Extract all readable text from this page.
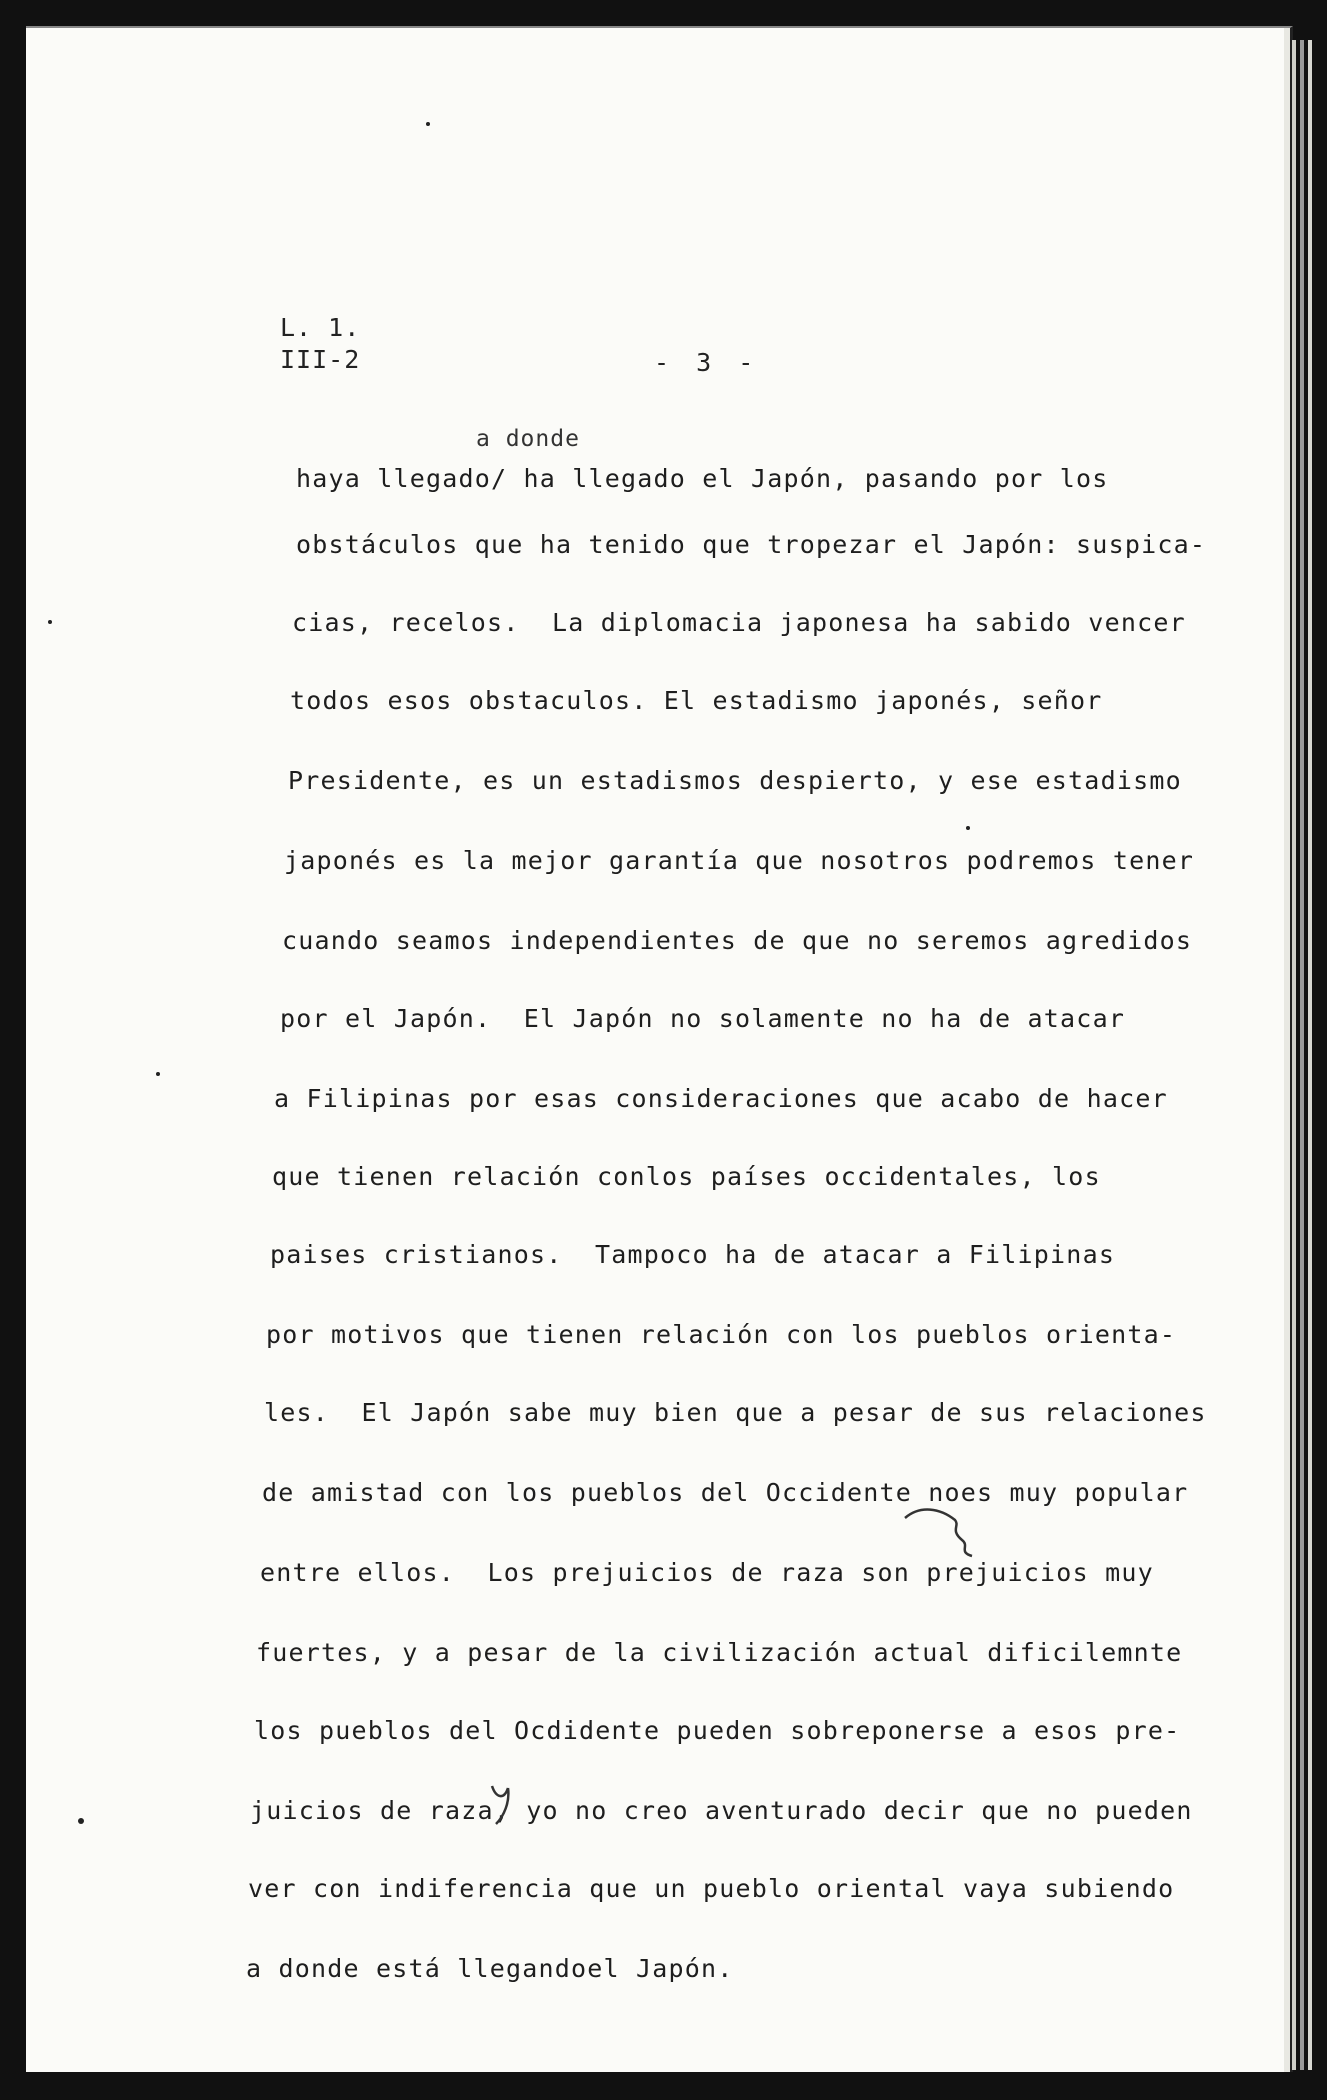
L. 1.
III-2	- 3 -
a donde
haya llegado/ ha llegado el Japón, pasando por los
obstáculos que ha tenido que tropezar el Japón: suspica-
cias, recelos.  La diplomacia japonesa ha sabido vencer
todos esos obstaculos. El estadismo japonés, señor
Presidente, es un estadismos despierto, y ese estadismo
japonés es la mejor garantía que nosotros podremos tener
cuando seamos independientes de que no seremos agredidos
por el Japón.  El Japón no solamente no ha de atacar
a Filipinas por esas consideraciones que acabo de hacer
que tienen relación conlos países occidentales, los
paises cristianos.  Tampoco ha de atacar a Filipinas
por motivos que tienen relación con los pueblos orienta-
les.  El Japón sabe muy bien que a pesar de sus relaciones
de amistad con los pueblos del Occidente noes muy popular
entre ellos.  Los prejuicios de raza son prejuicios muy
fuertes, y a pesar de la civilización actual dificilemnte
los pueblos del Ocdidente pueden sobreponerse a esos pre-
juicios de raza, yo no creo aventurado decir que no pueden
ver con indiferencia que un pueblo oriental vaya subiendo
a donde está llegandoel Japón.
